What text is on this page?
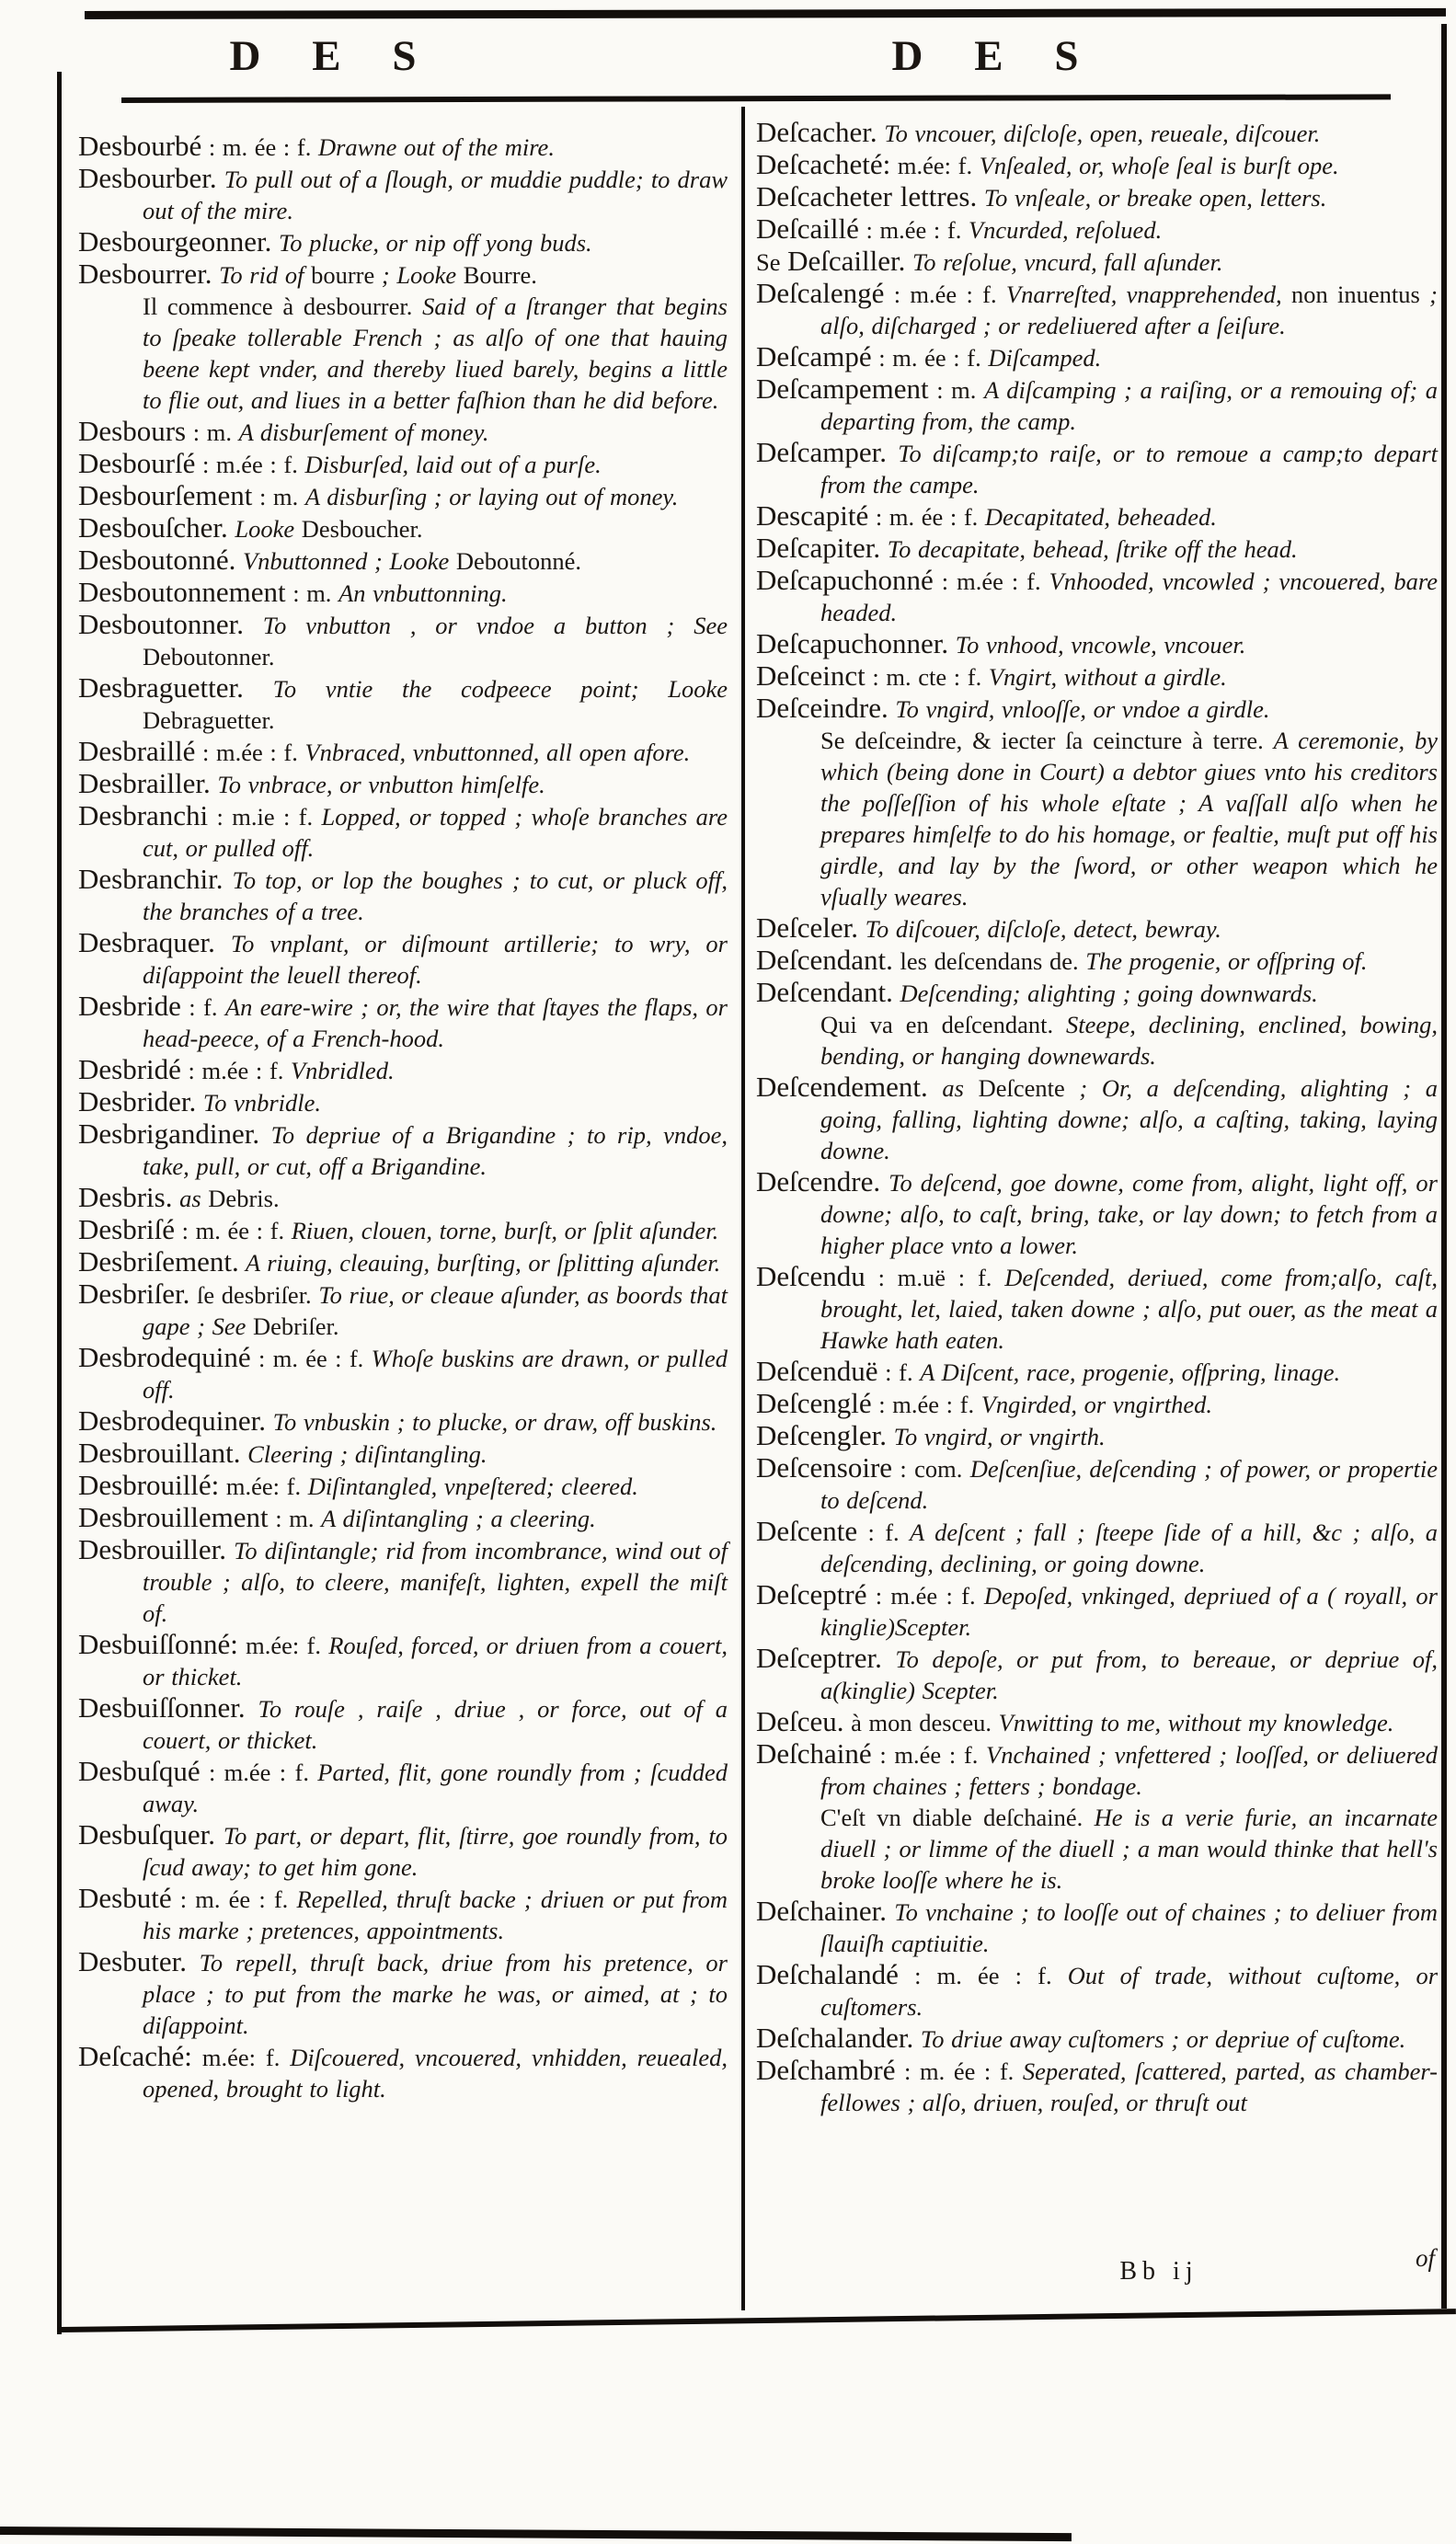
D E S	D E S

Desbourbé : m. ée : f. Drawne out of the mire.

Desbourber. To pull out of a ſlough, or muddie puddle; to draw out of the mire.

Desbourgeonner. To plucke, or nip off yong buds.

Desbourrer. To rid of bourre ; Looke Bourre.

Il commence à desbourrer. Said of a ſtranger that begins to ſpeake tollerable French ; as alſo of one that hauing beene kept vnder, and thereby liued barely, begins a little to flie out, and liues in a better faſhion than he did before.

Desbours : m. A disburſement of money.

Desbourſé : m.ée : f. Disburſed, laid out of a purſe.

Desbourſement : m. A disburſing ; or laying out of money.

Desbouſcher. Looke Desboucher.

Desboutonné. Vnbuttonned ; Looke Deboutonné.

Desboutonnement : m. An vnbuttonning.

Desboutonner. To vnbutton , or vndoe a button ; See Deboutonner.

Desbraguetter. To vntie the codpeece point; Looke Debraguetter.

Desbraillé : m.ée : f. Vnbraced, vnbuttonned, all open afore.

Desbrailler. To vnbrace, or vnbutton himſelfe.

Desbranchi : m.ie : f. Lopped, or topped ; whoſe branches are cut, or pulled off.

Desbranchir. To top, or lop the boughes ; to cut, or pluck off, the branches of a tree.

Desbraquer. To vnplant, or diſmount artillerie; to wry, or diſappoint the leuell thereof.

Desbride : f. An eare-wire ; or, the wire that ſtayes the flaps, or head-peece, of a French-hood.

Desbridé : m.ée : f. Vnbridled.

Desbrider. To vnbridle.

Desbrigandiner. To depriue of a Brigandine ; to rip, vndoe, take, pull, or cut, off a Brigandine.

Desbris. as Debris.

Desbriſé : m. ée : f. Riuen, clouen, torne, burſt, or ſplit aſunder.

Desbriſement. A riuing, cleauing, burſting, or ſplitting aſunder.

Desbriſer. ſe desbriſer. To riue, or cleaue aſunder, as boords that gape ; See Debriſer.

Desbrodequiné : m. ée : f. Whoſe buskins are drawn, or pulled off.

Desbrodequiner. To vnbuskin ; to plucke, or draw, off buskins.

Desbrouillant. Cleering ; diſintangling.

Desbrouillé: m.ée: f. Diſintangled, vnpeſtered; cleered.

Desbrouillement : m. A diſintangling ; a cleering.

Desbrouiller. To diſintangle; rid from incombrance, wind out of trouble ; alſo, to cleere, manifeſt, lighten, expell the miſt of.

Desbuiſſonné: m.ée: f. Rouſed, forced, or driuen from a couert, or thicket.

Desbuiſſonner. To rouſe , raiſe , driue , or force, out of a couert, or thicket.

Desbuſqué : m.ée : f. Parted, flit, gone roundly from ; ſcudded away.

Desbuſquer. To part, or depart, flit, ſtirre, goe roundly from, to ſcud away; to get him gone.

Desbuté : m. ée : f. Repelled, thruſt backe ; driuen or put from his marke ; pretences, appointments.

Desbuter. To repell, thruſt back, driue from his pretence, or place ; to put from the marke he was, or aimed, at ; to diſappoint.

Deſcaché: m.ée: f. Diſcouered, vncouered, vnhidden, reuealed, opened, brought to light.

Deſcacher. To vncouer, diſcloſe, open, reueale, diſcouer.

Deſcacheté: m.ée: f. Vnſealed, or, whoſe ſeal is burſt ope.

Deſcacheter lettres. To vnſeale, or breake open, letters.

Deſcaillé : m.ée : f. Vncurded, reſolued.

Se Deſcailler. To reſolue, vncurd, fall aſunder.

Deſcalengé : m.ée : f. Vnarreſted, vnapprehended, non inuentus ; alſo, diſcharged ; or redeliuered after a ſeiſure.

Deſcampé : m. ée : f. Diſcamped.

Deſcampement : m. A diſcamping ; a raiſing, or a remouing of; a departing from, the camp.

Deſcamper. To diſcamp;to raiſe, or to remoue a camp;to depart from the campe.

Descapité : m. ée : f. Decapitated, beheaded.

Deſcapiter. To decapitate, behead, ſtrike off the head.

Deſcapuchonné : m.ée : f. Vnhooded, vncowled ; vncouered, bare headed.

Deſcapuchonner. To vnhood, vncowle, vncouer.

Deſceinct : m. cte : f. Vngirt, without a girdle.

Deſceindre. To vngird, vnlooſſe, or vndoe a girdle.

Se deſceindre, & iecter ſa ceincture à terre. A ceremonie, by which (being done in Court) a debtor giues vnto his creditors the poſſeſſion of his whole eſtate ; A vaſſall alſo when he prepares himſelfe to do his homage, or fealtie, muſt put off his girdle, and lay by the ſword, or other weapon which he vſually weares.

Deſceler. To diſcouer, diſcloſe, detect, bewray.

Deſcendant. les deſcendans de. The progenie, or ofſpring of.

Deſcendant. Deſcending; alighting ; going downwards.

Qui va en deſcendant. Steepe, declining, enclined, bowing, bending, or hanging downewards.

Deſcendement. as Deſcente ; Or, a deſcending, alighting ; a going, falling, lighting downe; alſo, a caſting, taking, laying downe.

Deſcendre. To deſcend, goe downe, come from, alight, light off, or downe; alſo, to caſt, bring, take, or lay down; to fetch from a higher place vnto a lower.

Deſcendu : m.uë : f. Deſcended, deriued, come from;alſo, caſt, brought, let, laied, taken downe ; alſo, put ouer, as the meat a Hawke hath eaten.

Deſcenduë : f. A Diſcent, race, progenie, ofſpring, linage.

Deſcenglé : m.ée : f. Vngirded, or vngirthed.

Deſcengler. To vngird, or vngirth.

Deſcensoire : com. Deſcenſiue, deſcending ; of power, or propertie to deſcend.

Deſcente : f. A deſcent ; fall ; ſteepe ſide of a hill, &c ; alſo, a deſcending, declining, or going downe.

Deſceptré : m.ée : f. Depoſed, vnkinged, depriued of a ( royall, or kinglie)Scepter.

Deſceptrer. To depoſe, or put from, to bereaue, or depriue of, a(kinglie) Scepter.

Deſceu. à mon desceu. Vnwitting to me, without my knowledge.

Deſchainé : m.ée : f. Vnchained ; vnfettered ; looſſed, or deliuered from chaines ; fetters ; bondage.

C'eſt vn diable deſchainé. He is a verie furie, an incarnate diuell ; or limme of the diuell ; a man would thinke that hell's broke looſſe where he is.

Deſchainer. To vnchaine ; to looſſe out of chaines ; to deliuer from ſlauiſh captiuitie.

Deſchalandé : m. ée : f. Out of trade, without cuſtome, or cuſtomers.

Deſchalander. To driue away cuſtomers ; or depriue of cuſtome.

Deſchambré : m. ée : f. Seperated, ſcattered, parted, as chamber-fellowes ; alſo, driuen, rouſed, or thruſt out

Bb ij	of
